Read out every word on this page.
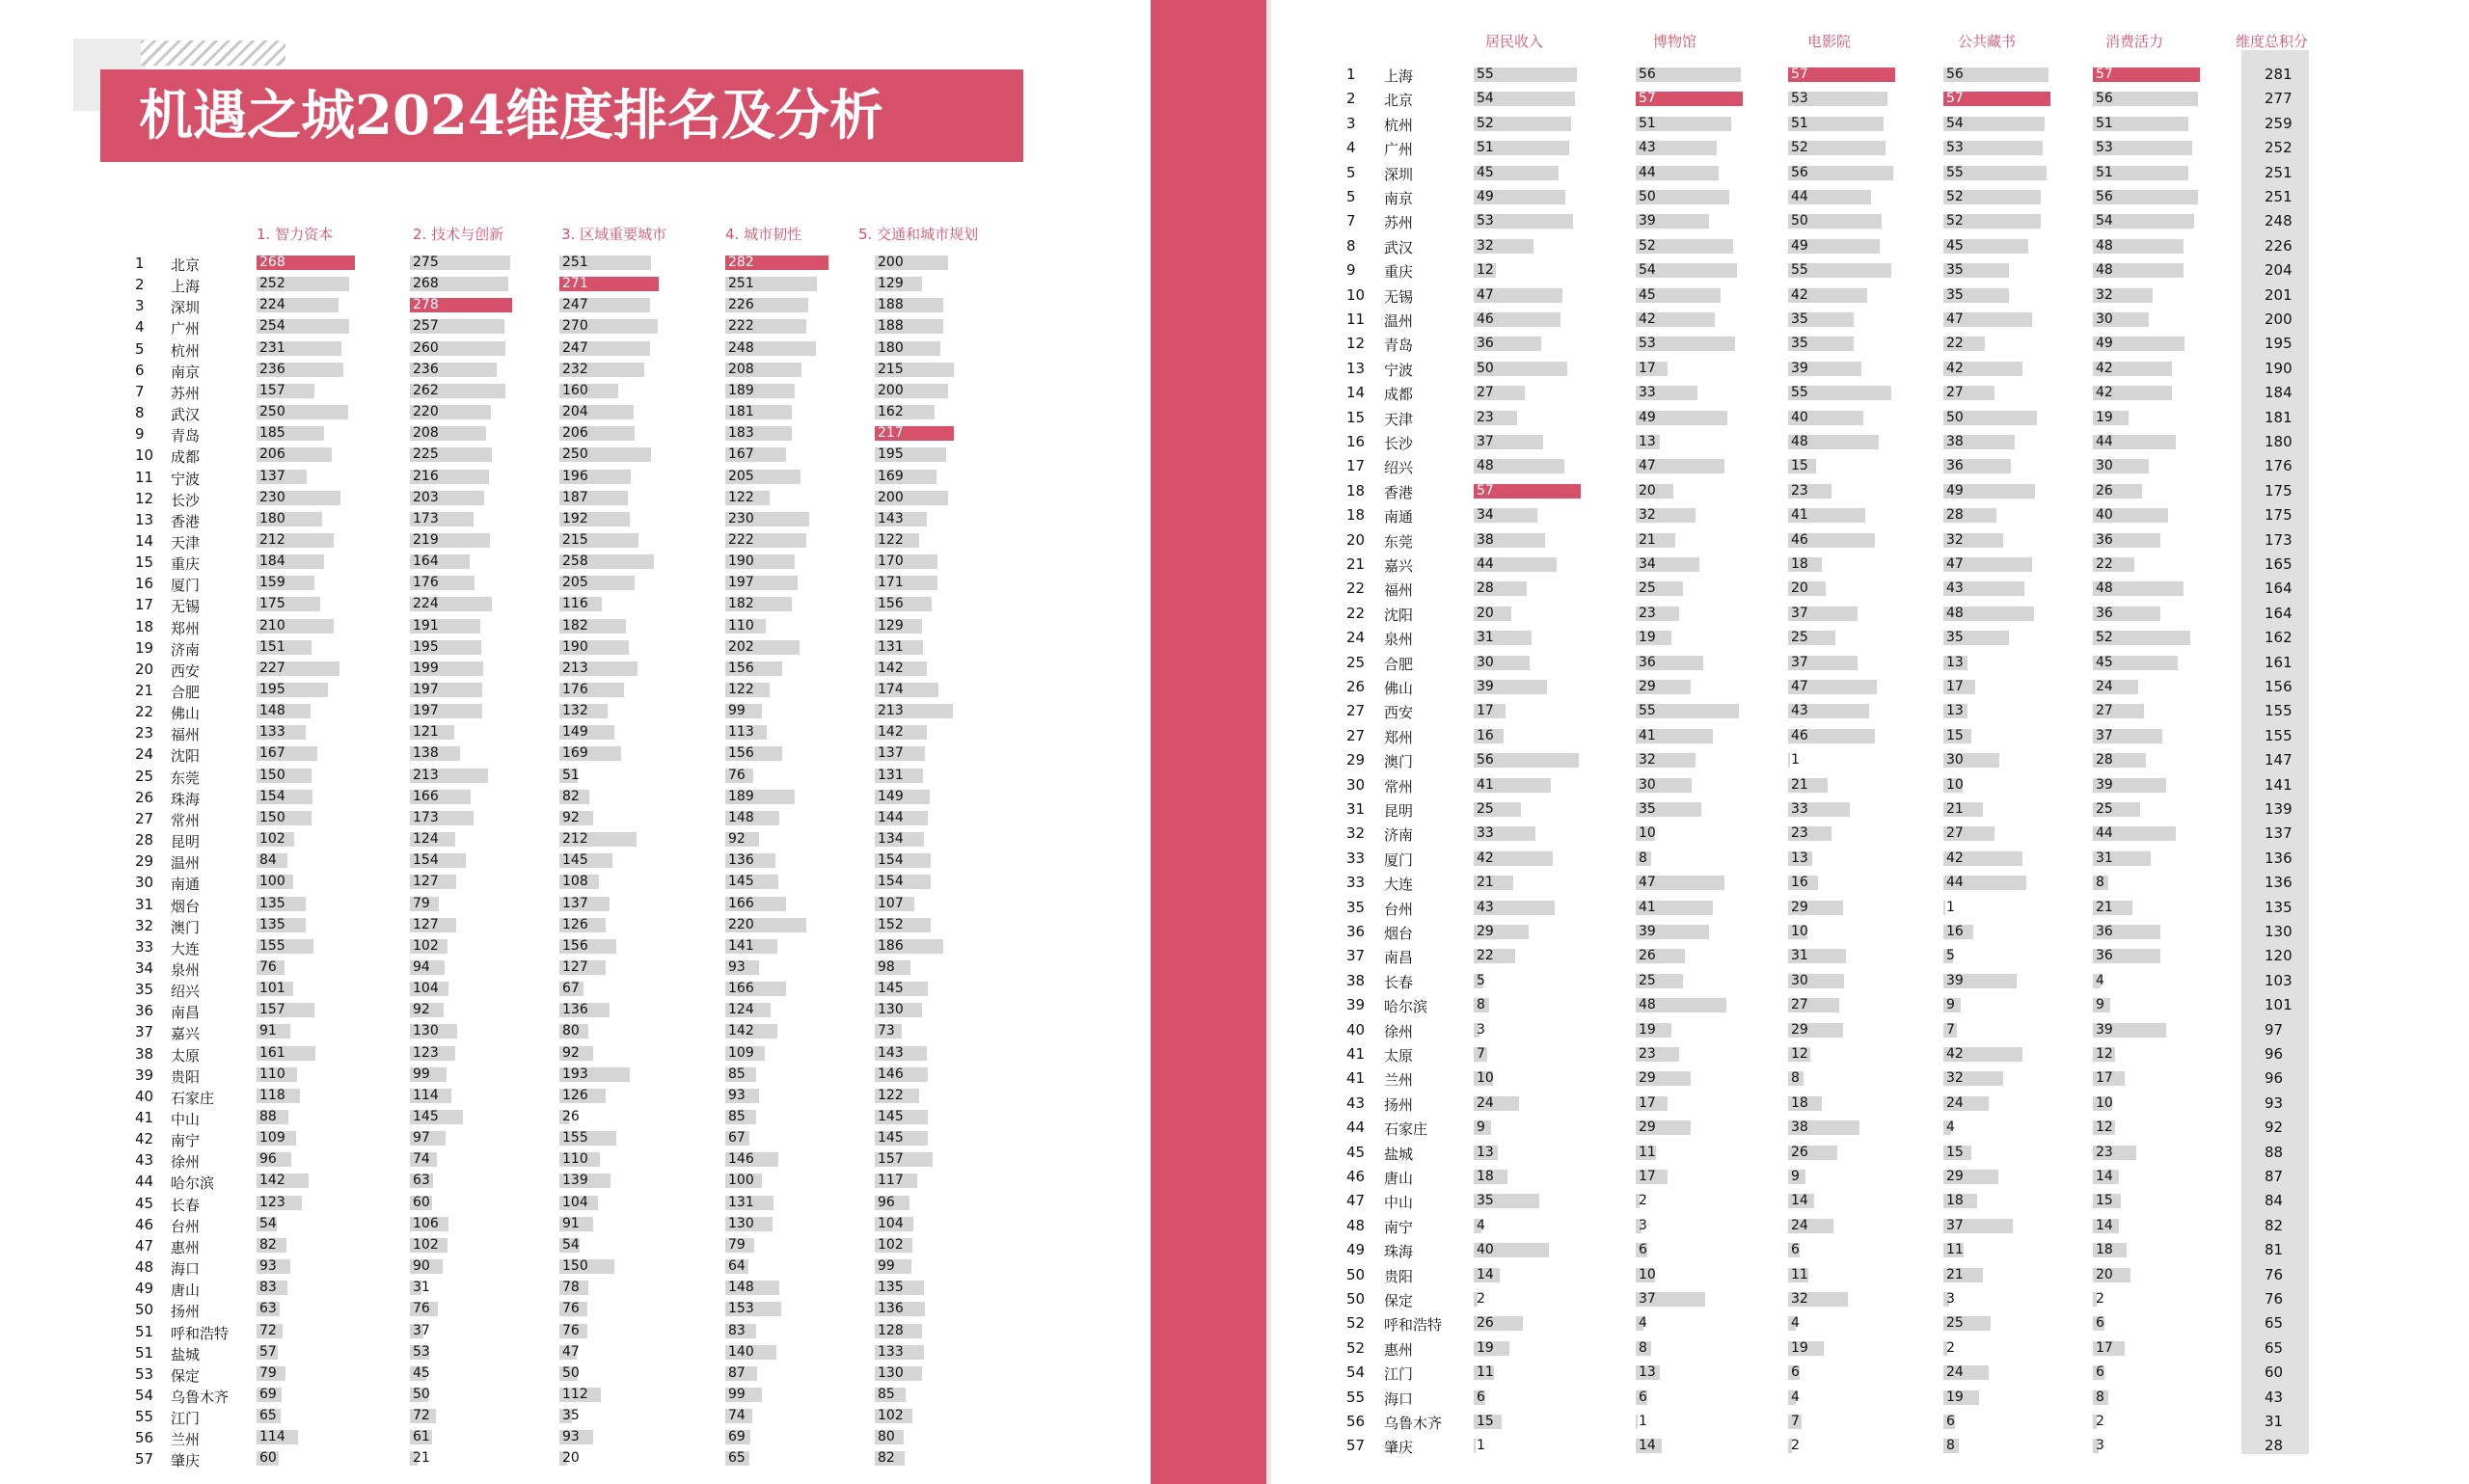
机遇之城2024维度排名及分析
1. 智力资本	2. 技术与创新	3. 区域重要城市	4. 城市韧性	5. 交通和城市规划
1 北京	268	275	251	282	200
2 上海	252	268	271	251	129
3 深圳	224	278	247	226	188
4 广州	254	257	270	222	188
5 杭州	231	260	247	248	180
6 南京	236	236	232	208	215
7 苏州	157	262	160	189	200
8 武汉	250	220	204	181	162
9 青岛	185	208	206	183	217
10 成都	206	225	250	167	195
11 宁波	137	216	196	205	169
12 长沙	230	203	187	122	200
13 香港	180	173	192	230	143
14 天津	212	219	215	222	122
15 重庆	184	164	258	190	170
16 厦门	159	176	205	197	171
17 无锡	175	224	116	182	156
18 郑州	210	191	182	110	129
19 济南	151	195	190	202	131
20 西安	227	199	213	156	142
21 合肥	195	197	176	122	174
22 佛山	148	197	132	99	213
23 福州	133	121	149	113	142
24 沈阳	167	138	169	156	137
25 东莞	150	213	51	76	131
26 珠海	154	166	82	189	149
27 常州	150	173	92	148	144
28 昆明	102	124	212	92	134
29 温州	84	154	145	136	154
30 南通	100	127	108	145	154
31 烟台	135	79	137	166	107
32 澳门	135	127	126	220	152
33 大连	155	102	156	141	186
34 泉州	76	94	127	93	98
35 绍兴	101	104	67	166	145
36 南昌	157	92	136	124	130
37 嘉兴	91	130	80	142	73
38 太原	161	123	92	109	143
39 贵阳	110	99	193	85	146
40 石家庄	118	114	126	93	122
41 中山	88	145	26	85	145
42 南宁	109	97	155	67	145
43 徐州	96	74	110	146	157
44 哈尔滨	142	63	139	100	117
45 长春	123	60	104	131	96
46 台州	54	106	91	130	104
47 惠州	82	102	54	79	102
48 海口	93	90	150	64	99
49 唐山	83	31	78	148	135
50 扬州	63	76	76	153	136
51 呼和浩特 72	37	76	83	128
51 盐城	57	53	47	140	133
53 保定	79	45	50	87	130
54 乌鲁木齐 69	50	112	99	85
55 江门	65	72	35	74	102
56 兰州	114	61	93	69	80
57 肇庆	60	21	20	65	82
居民收入	博物馆	电影院	公共藏书	消费活力	维度总积分
1 上海	55	56	57	56	57	281
2 北京	54	57	53	57	56	277
3 杭州	52	51	51	54	51	259
4 广州	51	43	52	53	53	252
5 深圳	45	44	56	55	51	251
5 南京	49	50	44	52	56	251
7 苏州	53	39	50	52	54	248
8 武汉	32	52	49	45	48	226
9 重庆	12	54	55	35	48	204
10 无锡	47	45	42	35	32	201
11 温州	46	42	35	47	30	200
12 青岛	36	53	35	22	49	195
13 宁波	50	17	39	42	42	190
14 成都	27	33	55	27	42	184
15 天津	23	49	40	50	19	181
16 长沙	37	13	48	38	44	180
17 绍兴	48	47	15	36	30	176
18 香港	57	20	23	49	26	175
18 南通	34	32	41	28	40	175
20 东莞	38	21	46	32	36	173
21 嘉兴	44	34	18	47	22	165
22 福州	28	25	20	43	48	164
22 沈阳	20	23	37	48	36	164
24 泉州	31	19	25	35	52	162
25 合肥	30	36	37	13	45	161
26 佛山	39	29	47	17	24	156
27 西安	17	55	43	13	27	155
27 郑州	16	41	46	15	37	155
29 澳门	56	32	1	30	28	147
30 常州	41	30	21	10	39	141
31 昆明	25	35	33	21	25	139
32 济南	33	10	23	27	44	137
33 厦门	42	8	13	42	31	136
33 大连	21	47	16	44	8	136
35 台州	43	41	29	1	21	135
36 烟台	29	39	10	16	36	130
37 南昌	22	26	31	5	36	120
38 长春	5	25	30	39	4	103
39 哈尔滨	8	48	27	9	9	101
40 徐州	3	19	29	7	39	97
41 太原	7	23	12	42	12	96
41 兰州	10	29	8	32	17	96
43 扬州	24	17	18	24	10	93
44 石家庄	9	29	38	4	12	92
45 盐城	13	11	26	15	23	88
46 唐山	18	17	9	29	14	87
47 中山	35	2	14	18	15	84
48 南宁	4	3	24	37	14	82
49 珠海	40	6	6	11	18	81
50 贵阳	14	10	11	21	20	76
50 保定	2	37	32	3	2	76
52 呼和浩特	26	4	4	25	6	65
52 惠州	19	8	19	2	17	65
54 江门	11	13	6	24	6	60
55 海口	6	6	4	19	8	43
56 乌鲁木齐	15	1	7	6	2	31
57 肇庆	1	14	2	8	3	28
